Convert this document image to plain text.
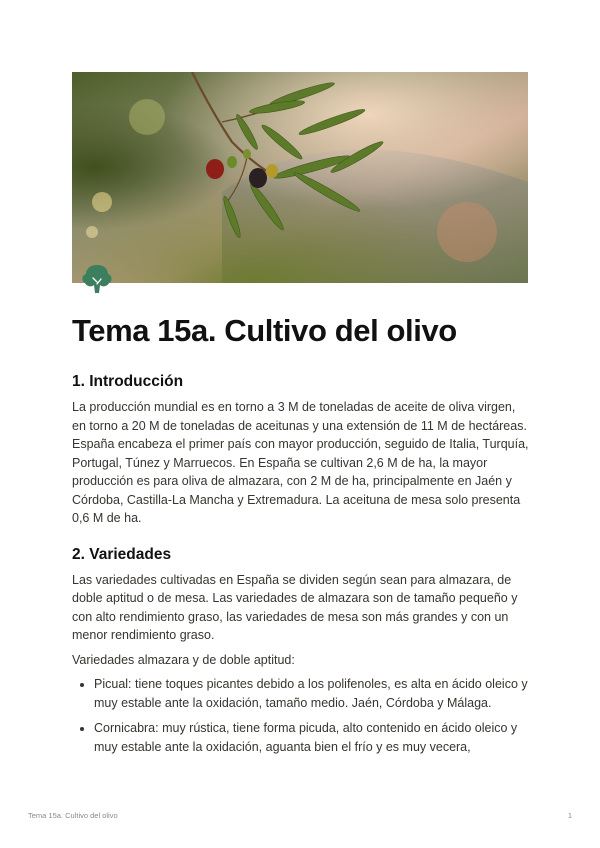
Tema 15a. Cultivo del olivo
1. Introducción

La producción mundial es en torno a 3 M de toneladas de aceite de oliva virgen, en torno a 20 M de toneladas de aceitunas y una extensión de 11 M de hectáreas. España encabeza el primer país con mayor producción, seguido de Italia, Turquía, Portugal, Túnez y Marruecos. En España se cultivan 2,6 M de ha, la mayor producción es para oliva de almazara, con 2 M de ha, principalmente en Jaén y Córdoba, Castilla-La Mancha y Extremadura. La aceituna de mesa solo presenta 0,6 M de ha.

2. Variedades

Las variedades cultivadas en España se dividen según sean para almazara, de doble aptitud o de mesa. Las variedades de almazara son de tamaño pequeño y con alto rendimiento graso, las variedades de mesa son más grandes y con un menor rendimiento graso.

Variedades almazara y de doble aptitud:

• Picual: tiene toques picantes debido a los polifenoles, es alta en ácido oleico y muy estable ante la oxidación, tamaño medio. Jaén, Córdoba y Málaga.
• Cornicabra: muy rústica, tiene forma picuda, alto contenido en ácido oleico y muy estable ante la oxidación, aguanta bien el frío y es muy vecera,
Tema 15a. Cultivo del olivo	1
